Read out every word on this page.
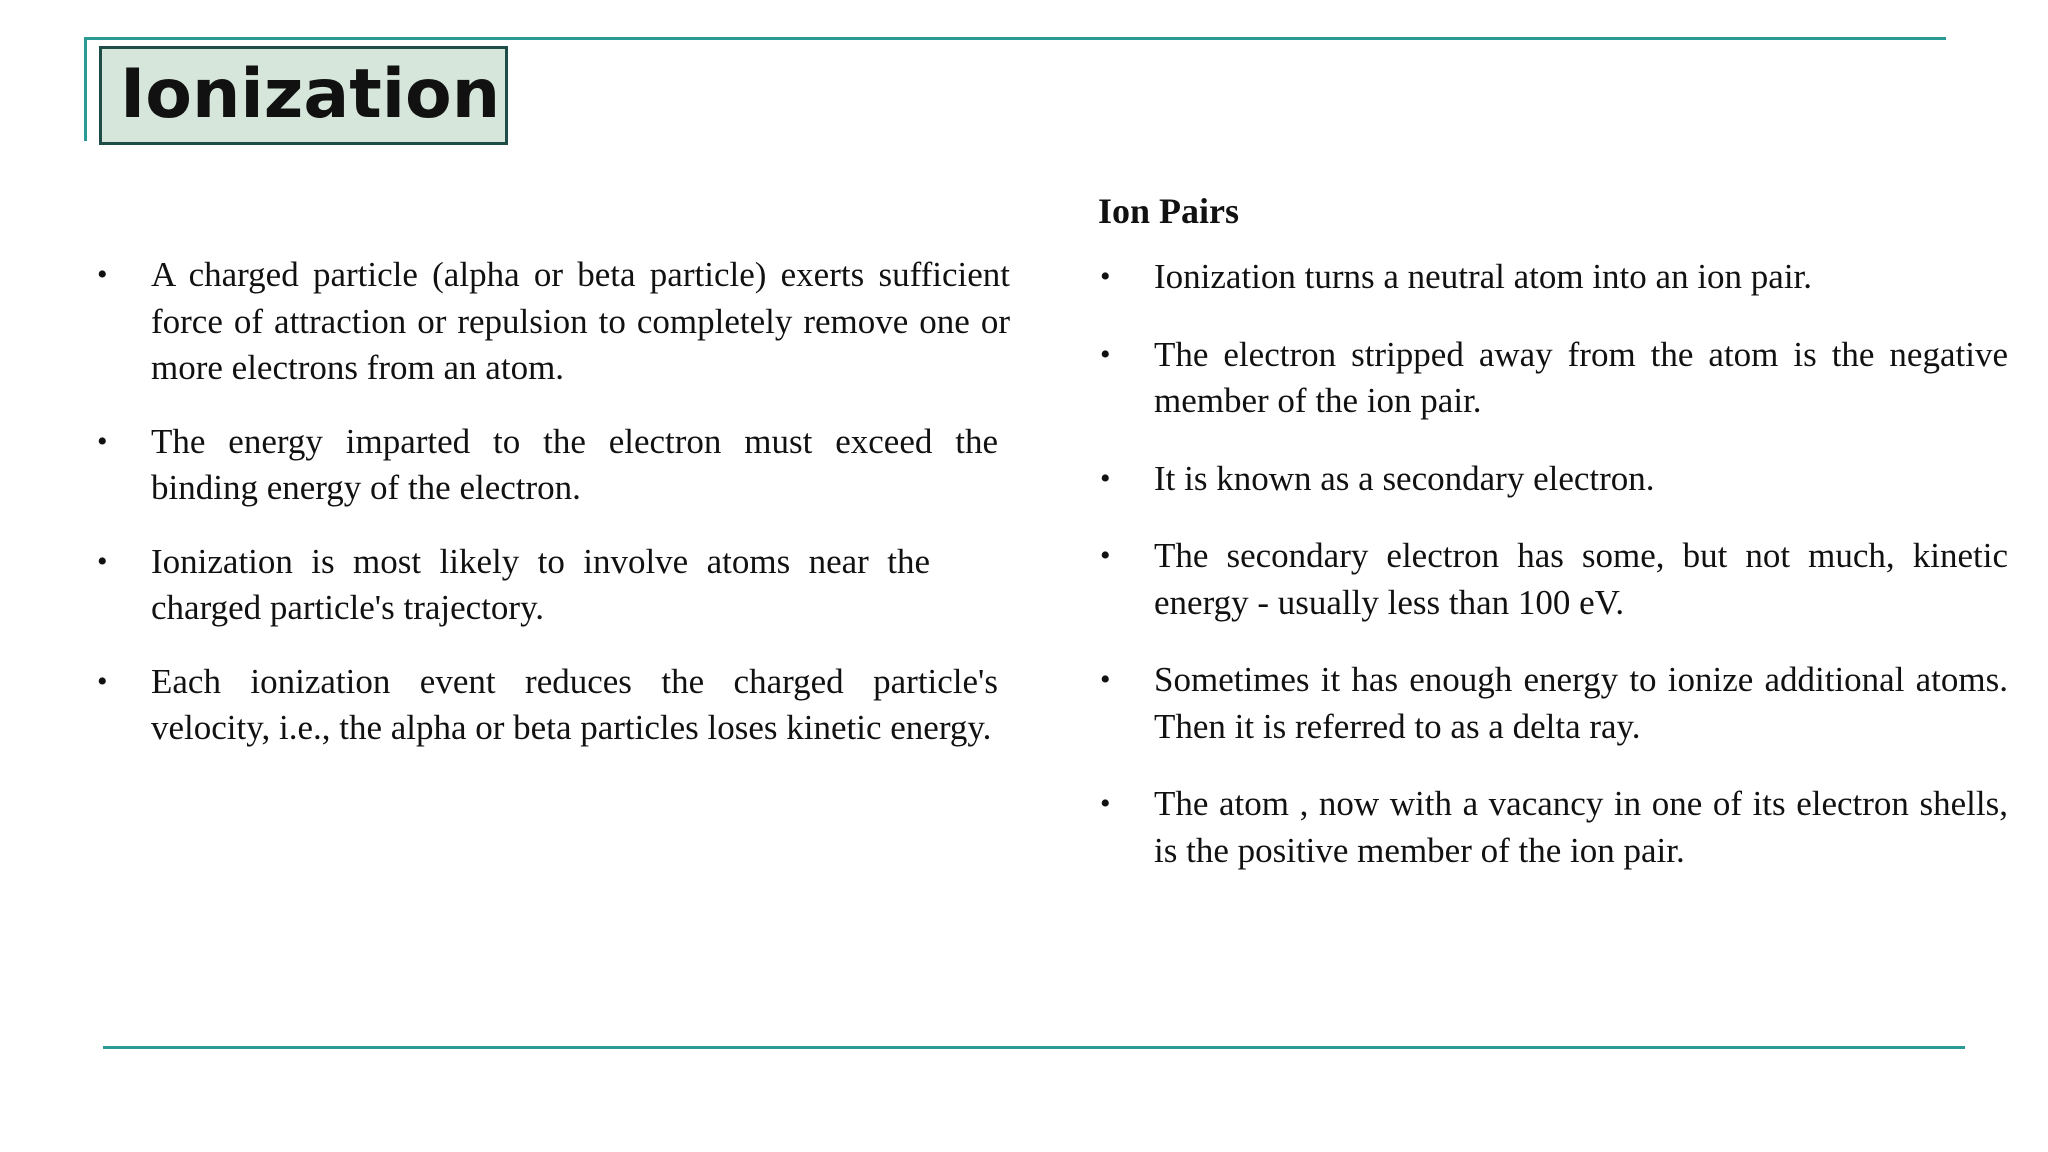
Ionization
• A charged particle (alpha or beta particle) exerts sufficient force of attraction or repulsion to completely remove one or more electrons from an atom.
• The energy imparted to the electron must exceed the binding energy of the electron.
• Ionization is most likely to involve atoms near the charged particle's trajectory.
• Each ionization event reduces the charged particle's velocity, i.e., the alpha or beta particles loses kinetic energy.
Ion Pairs
• Ionization turns a neutral atom into an ion pair.
• The electron stripped away from the atom is the negative member of the ion pair.
• It is known as a secondary electron.
• The secondary electron has some, but not much, kinetic energy - usually less than 100 eV.
• Sometimes it has enough energy to ionize additional atoms. Then it is referred to as a delta ray.
• The atom , now with a vacancy in one of its electron shells, is the positive member of the ion pair.
